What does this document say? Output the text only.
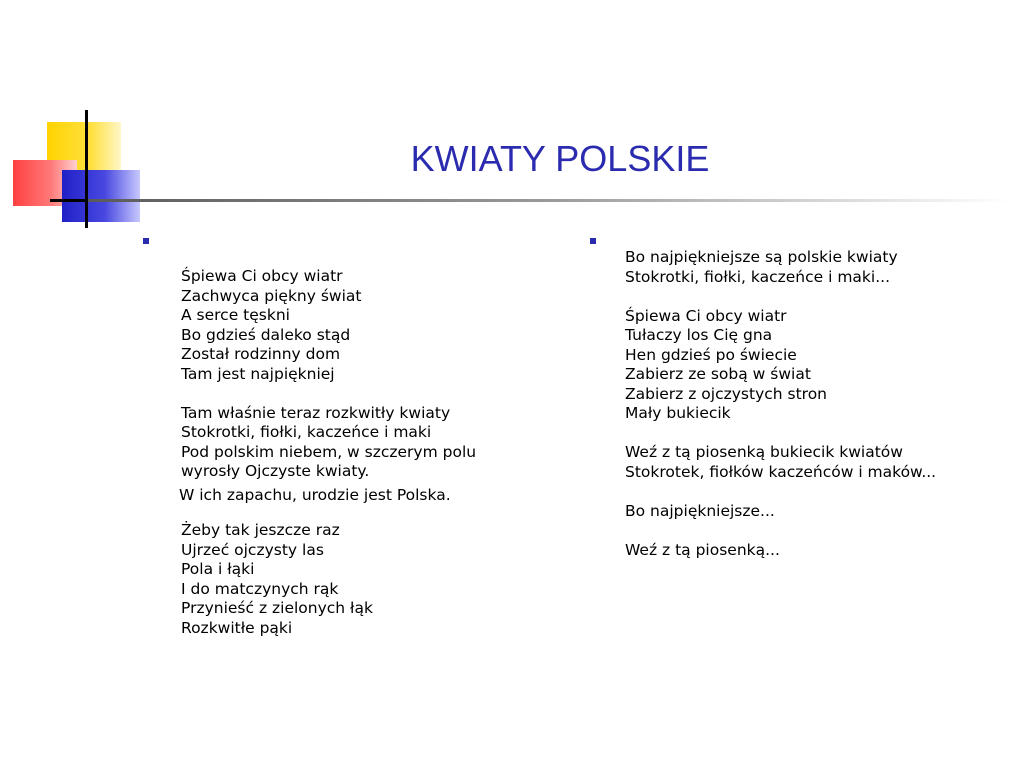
KWIATY POLSKIE
Śpiewa Ci obcy wiatr
Zachwyca piękny świat
A serce tęskni
Bo gdzieś daleko stąd
Został rodzinny dom
Tam jest najpiękniej
Tam właśnie teraz rozkwitły kwiaty
Stokrotki, fiołki, kaczeńce i maki
Pod polskim niebem, w szczerym polu
wyrosły Ojczyste kwiaty.
W ich zapachu, urodzie jest Polska.
Żeby tak jeszcze raz
Ujrzeć ojczysty las
Pola i łąki
I do matczynych rąk
Przynieść z zielonych łąk
Rozkwitłe pąki
Bo najpiękniejsze są polskie kwiaty
Stokrotki, fiołki, kaczeńce i maki...
Śpiewa Ci obcy wiatr
Tułaczy los Cię gna
Hen gdzieś po świecie
Zabierz ze sobą w świat
Zabierz z ojczystych stron
Mały bukiecik
Weź z tą piosenką bukiecik kwiatów
Stokrotek, fiołków kaczeńców i maków...
Bo najpiękniejsze...
Weź z tą piosenką...
